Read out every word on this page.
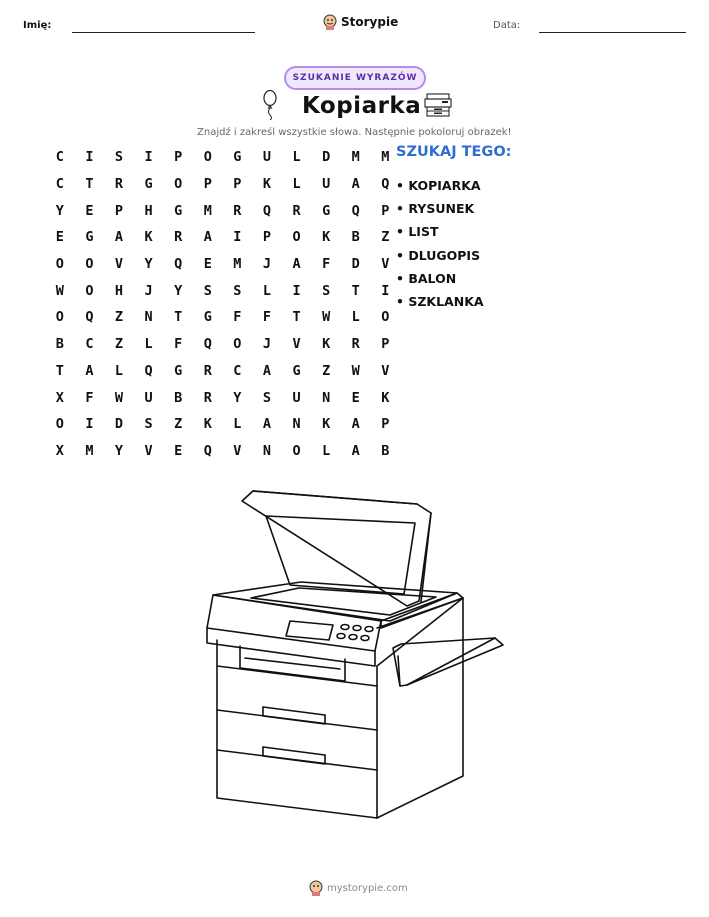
Imię:	Storypie	Data:
SZUKANIE WYRAZÓW
Kopiarka
Znajdź i zakreśl wszystkie słowa. Następnie pokoloruj obrazek!
C	I	S	I	P	O	G	U	L	D	M	M
C	T	R	G	O	P	P	K	L	U	A	Q
Y	E	P	H	G	M	R	Q	R	G	Q	P
E	G	A	K	R	A	I	P	O	K	B	Z
O	O	V	Y	Q	E	M	J	A	F	D	V
W	O	H	J	Y	S	S	L	I	S	T	I
O	Q	Z	N	T	G	F	F	T	W	L	O
B	C	Z	L	F	Q	O	J	V	K	R	P
T	A	L	Q	G	R	C	A	G	Z	W	V
X	F	W	U	B	R	Y	S	U	N	E	K
O	I	D	S	Z	K	L	A	N	K	A	P
X	M	Y	V	E	Q	V	N	O	L	A	B
SZUKAJ TEGO:
• KOPIARKA
• RYSUNEK
• LIST
• DLUGOPIS
• BALON
• SZKLANKA
mystorypie.com
